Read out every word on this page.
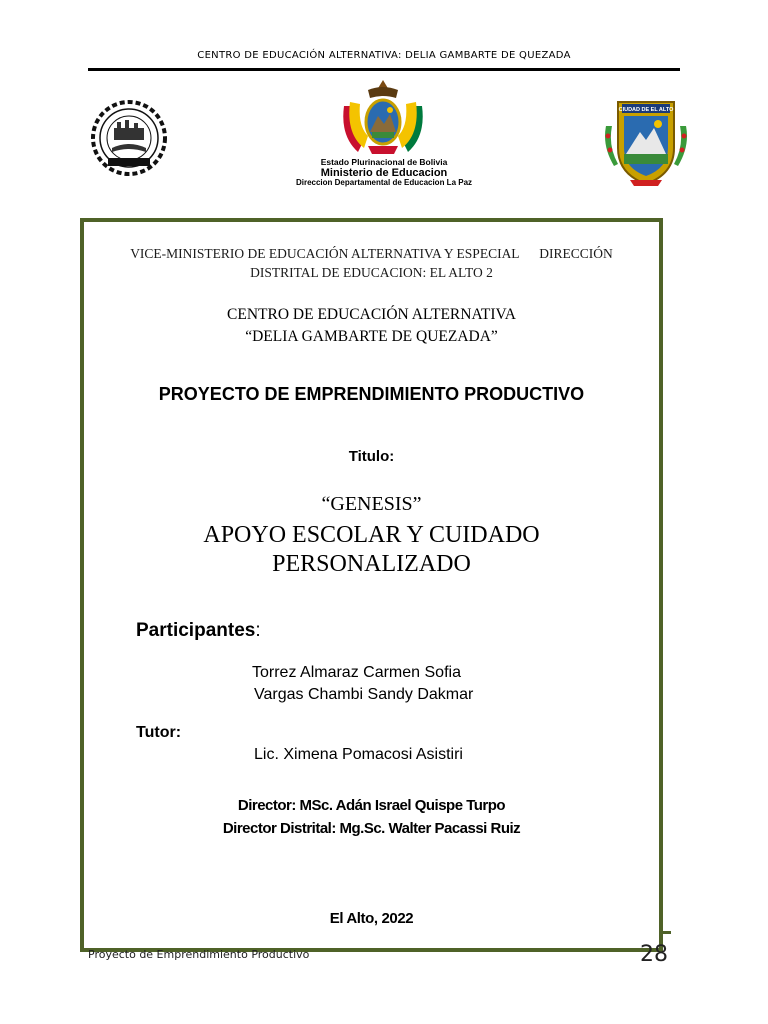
CENTRO DE EDUCACIÓN ALTERNATIVA: DELIA GAMBARTE DE QUEZADA
Estado Plurinacional de Bolivia
Ministerio de Educacion
Direccion Departamental de Educacion La Paz
CIUDAD DE EL ALTO
VICE-MINISTERIO DE EDUCACIÓN ALTERNATIVA Y ESPECIAL      DIRECCIÓN
DISTRITAL DE EDUCACION: EL ALTO 2
CENTRO DE EDUCACIÓN ALTERNATIVA
“DELIA GAMBARTE DE QUEZADA”
PROYECTO DE EMPRENDIMIENTO PRODUCTIVO
Titulo:
“GENESIS”
APOYO ESCOLAR Y CUIDADO
PERSONALIZADO
Participantes:
Torrez Almaraz Carmen Sofia
Vargas Chambi Sandy Dakmar
Tutor:
Lic. Ximena Pomacosi Asistiri
Director: MSc. Adán Israel Quispe Turpo
Director Distrital: Mg.Sc. Walter Pacassi Ruiz
El Alto, 2022
Proyecto de Emprendimiento Productivo	28
